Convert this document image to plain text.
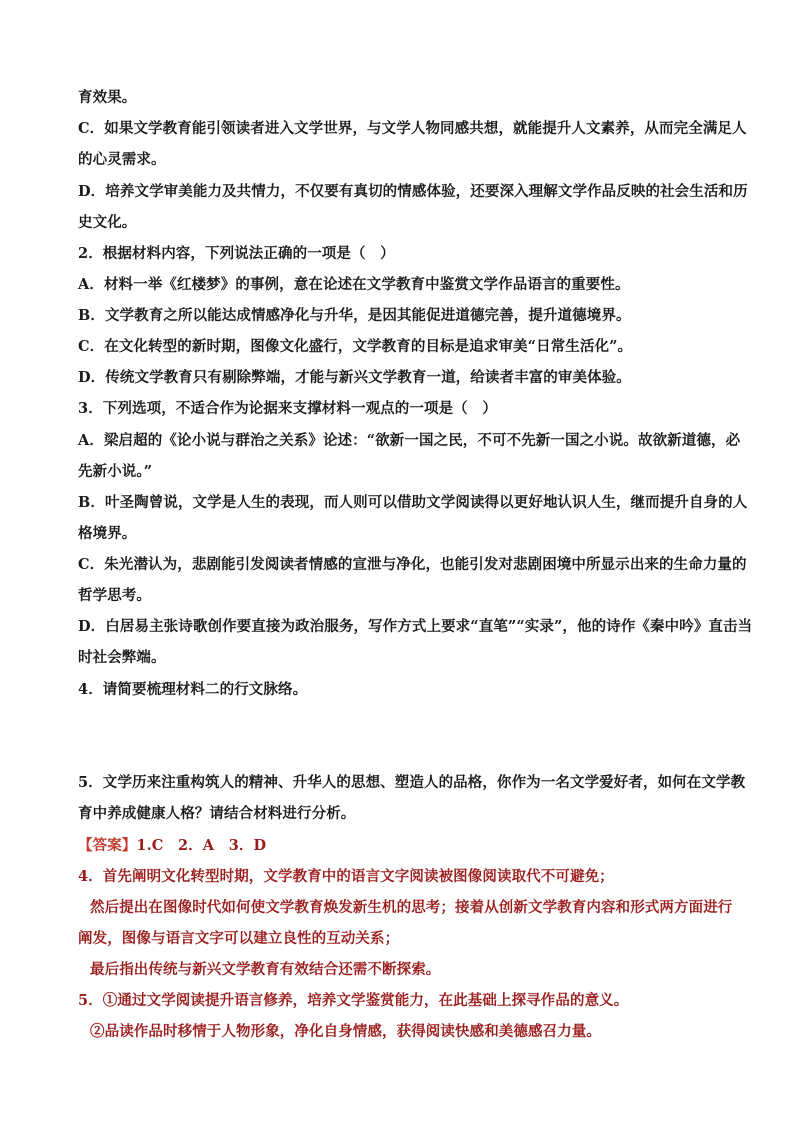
育效果。
C．如果文学教育能引领读者进入文学世界，与文学人物同感共想，就能提升人文素养，从而完全满足人
的心灵需求。
D．培养文学审美能力及共情力，不仅要有真切的情感体验，还要深入理解文学作品反映的社会生活和历
史文化。
2．根据材料内容，下列说法正确的一项是（　）
A．材料一举《红楼梦》的事例，意在论述在文学教育中鉴赏文学作品语言的重要性。
B．文学教育之所以能达成情感净化与升华，是因其能促进道德完善，提升道德境界。
C．在文化转型的新时期，图像文化盛行，文学教育的目标是追求审美“日常生活化”。
D．传统文学教育只有剔除弊端，才能与新兴文学教育一道，给读者丰富的审美体验。
3．下列选项，不适合作为论据来支撑材料一观点的一项是（　）
A．梁启超的《论小说与群治之关系》论述：“欲新一国之民，不可不先新一国之小说。故欲新道德，必
先新小说。”
B．叶圣陶曾说，文学是人生的表现，而人则可以借助文学阅读得以更好地认识人生，继而提升自身的人
格境界。
C．朱光潜认为，悲剧能引发阅读者情感的宣泄与净化，也能引发对悲剧困境中所显示出来的生命力量的
哲学思考。
D．白居易主张诗歌创作要直接为政治服务，写作方式上要求“直笔”“实录”，他的诗作《秦中吟》直击当
时社会弊端。
4．请简要梳理材料二的行文脉络。
5．文学历来注重构筑人的精神、升华人的思想、塑造人的品格，你作为一名文学爱好者，如何在文学教
育中养成健康人格？请结合材料进行分析。
【答案】1.C　2．A　3．D
4．首先阐明文化转型时期，文学教育中的语言文字阅读被图像阅读取代不可避免；
然后提出在图像时代如何使文学教育焕发新生机的思考；接着从创新文学教育内容和形式两方面进行
阐发，图像与语言文字可以建立良性的互动关系；
最后指出传统与新兴文学教育有效结合还需不断探索。
5．①通过文学阅读提升语言修养，培养文学鉴赏能力，在此基础上探寻作品的意义。
②品读作品时移情于人物形象，净化自身情感，获得阅读快感和美德感召力量。
